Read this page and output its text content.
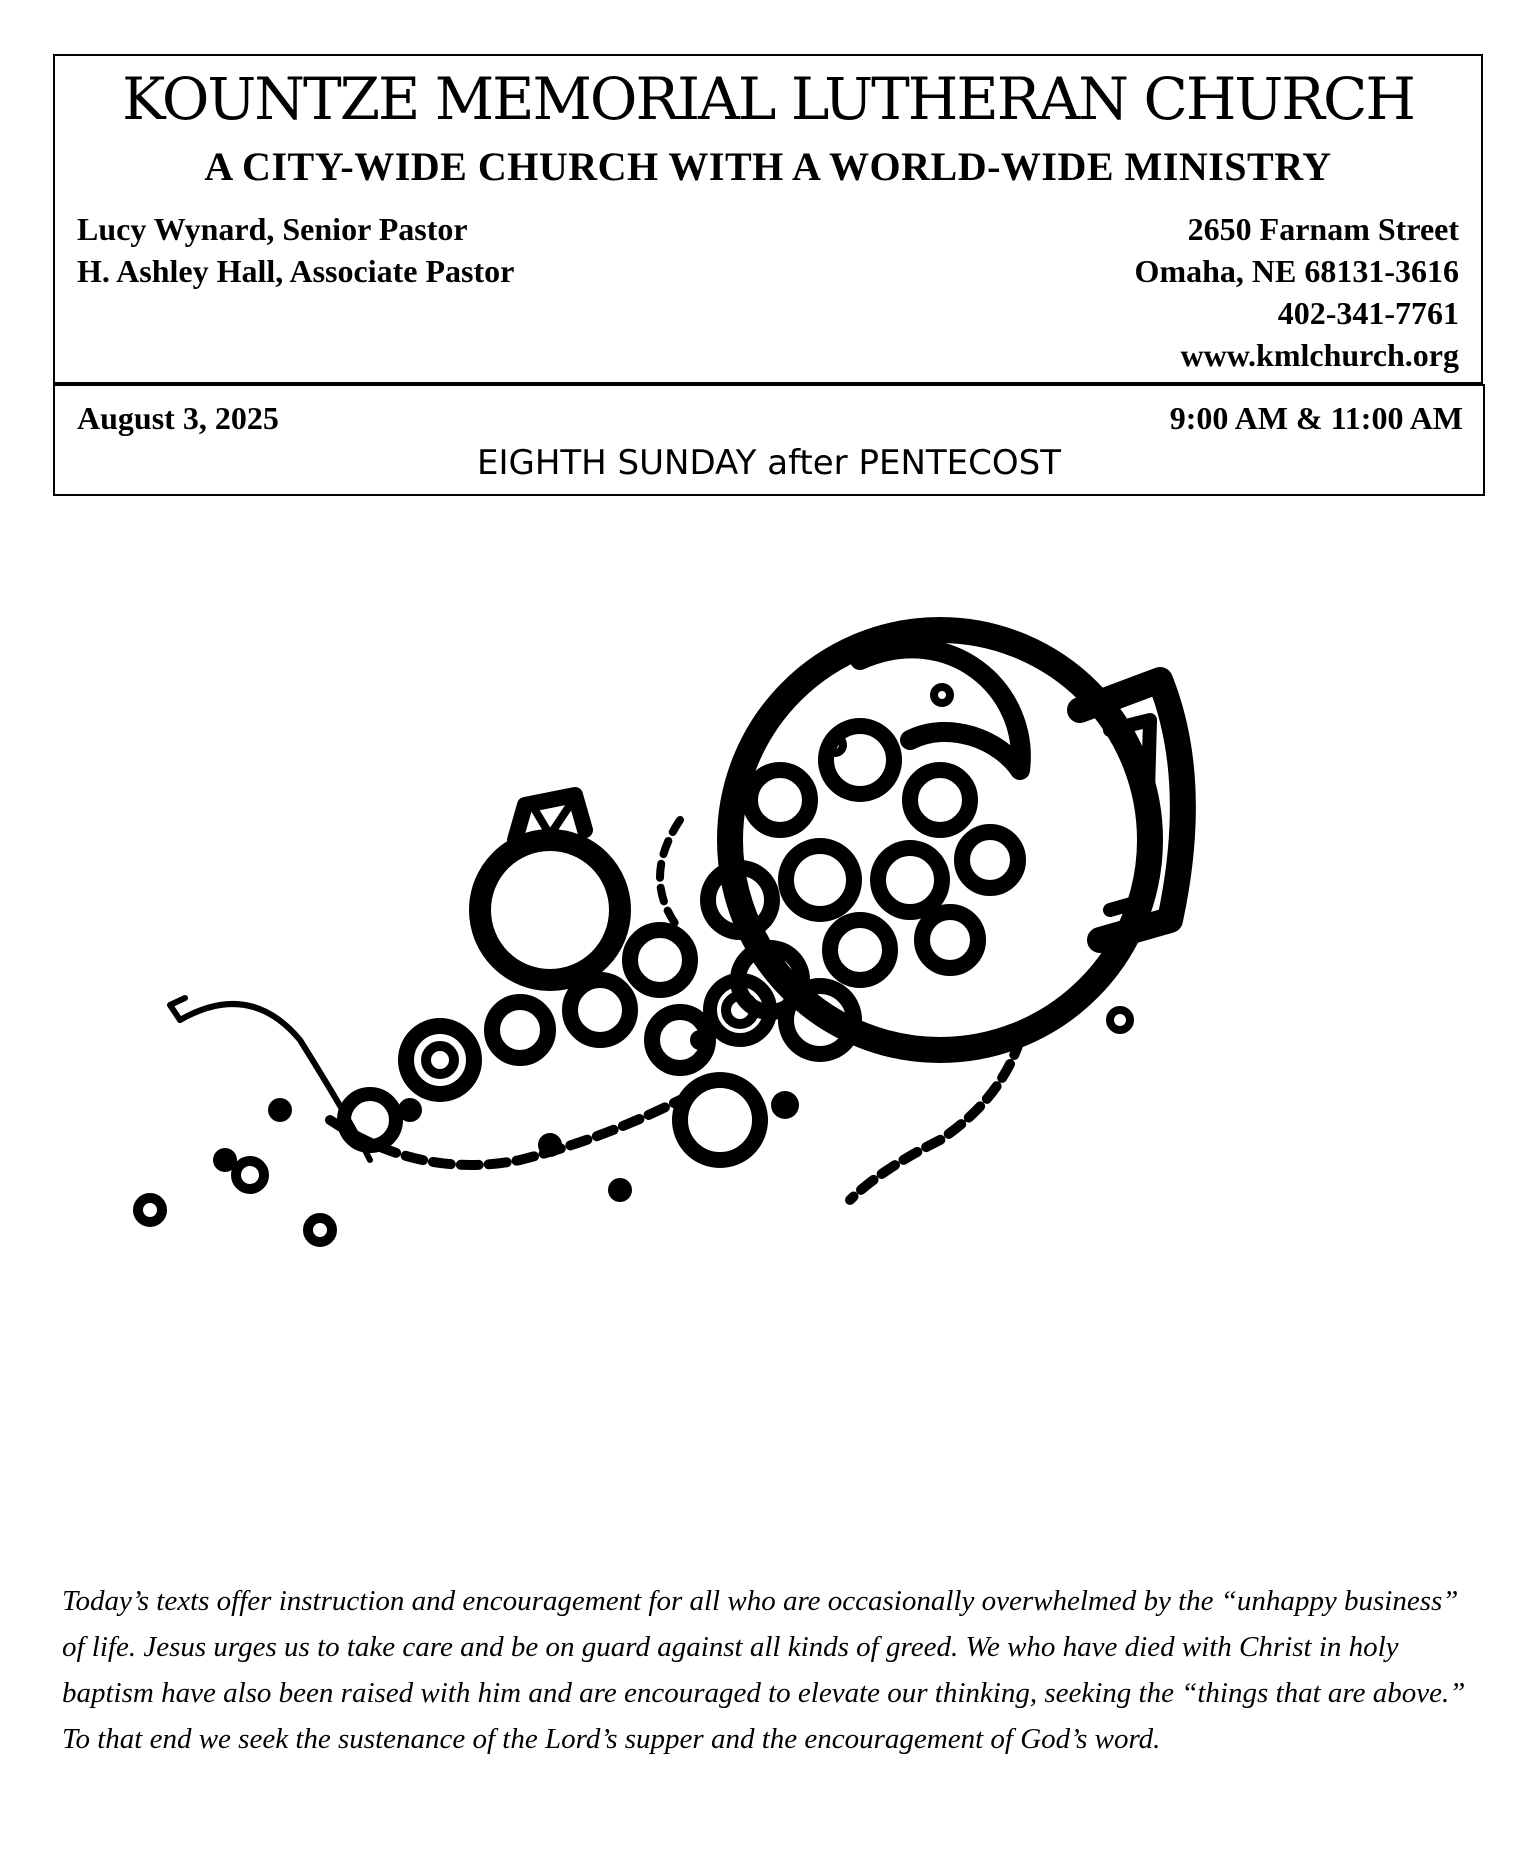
KOUNTZE MEMORIAL LUTHERAN CHURCH
A CITY-WIDE CHURCH WITH A WORLD-WIDE MINISTRY
Lucy Wynard, Senior Pastor
H. Ashley Hall, Associate Pastor
2650 Farnam Street
Omaha, NE 68131-3616
402-341-7761
www.kmlchurch.org
August 3, 2025	9:00 AM & 11:00 AM
EIGHTH SUNDAY after PENTECOST

Today’s texts offer instruction and encouragement for all who are occasionally overwhelmed by the “unhappy business” of life. Jesus urges us to take care and be on guard against all kinds of greed. We who have died with Christ in holy baptism have also been raised with him and are encouraged to elevate our thinking, seeking the “things that are above.” To that end we seek the sustenance of the Lord’s supper and the encouragement of God’s word.
